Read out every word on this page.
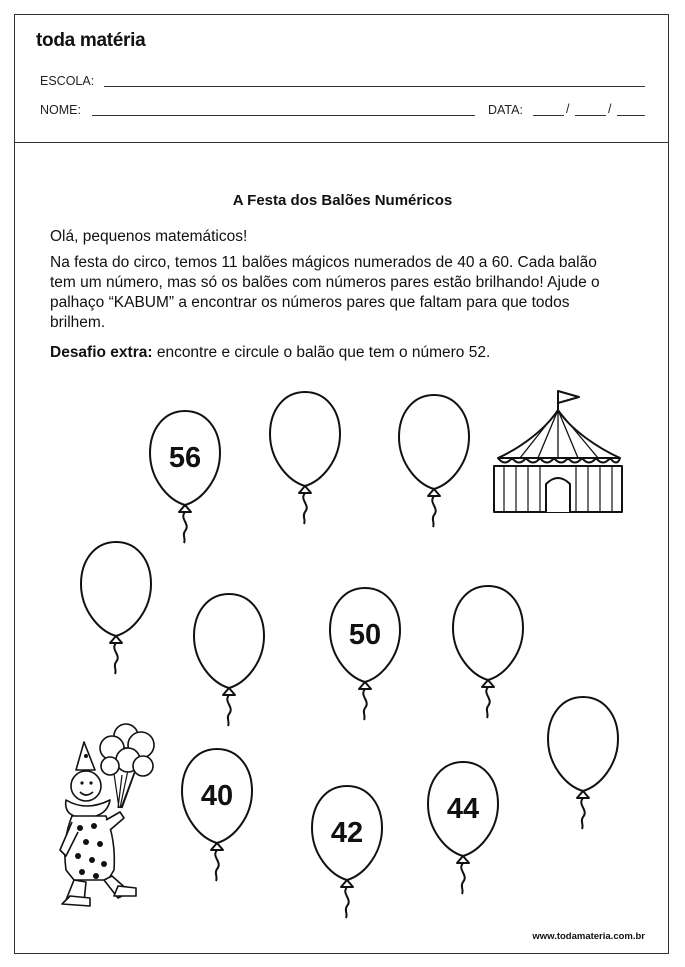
toda matéria
ESCOLA:
NOME:	DATA:	/	/
A Festa dos Balões Numéricos
Olá, pequenos matemáticos!
Na festa do circo, temos 11 balões mágicos numerados de 40 a 60. Cada balão tem um número, mas só os balões com números pares estão brilhando! Ajude o palhaço “KABUM” a encontrar os números pares que faltam para que todos brilhem.
Desafio extra: encontre e circule o balão que tem o número 52.
56
50
40
42
44
www.todamateria.com.br
